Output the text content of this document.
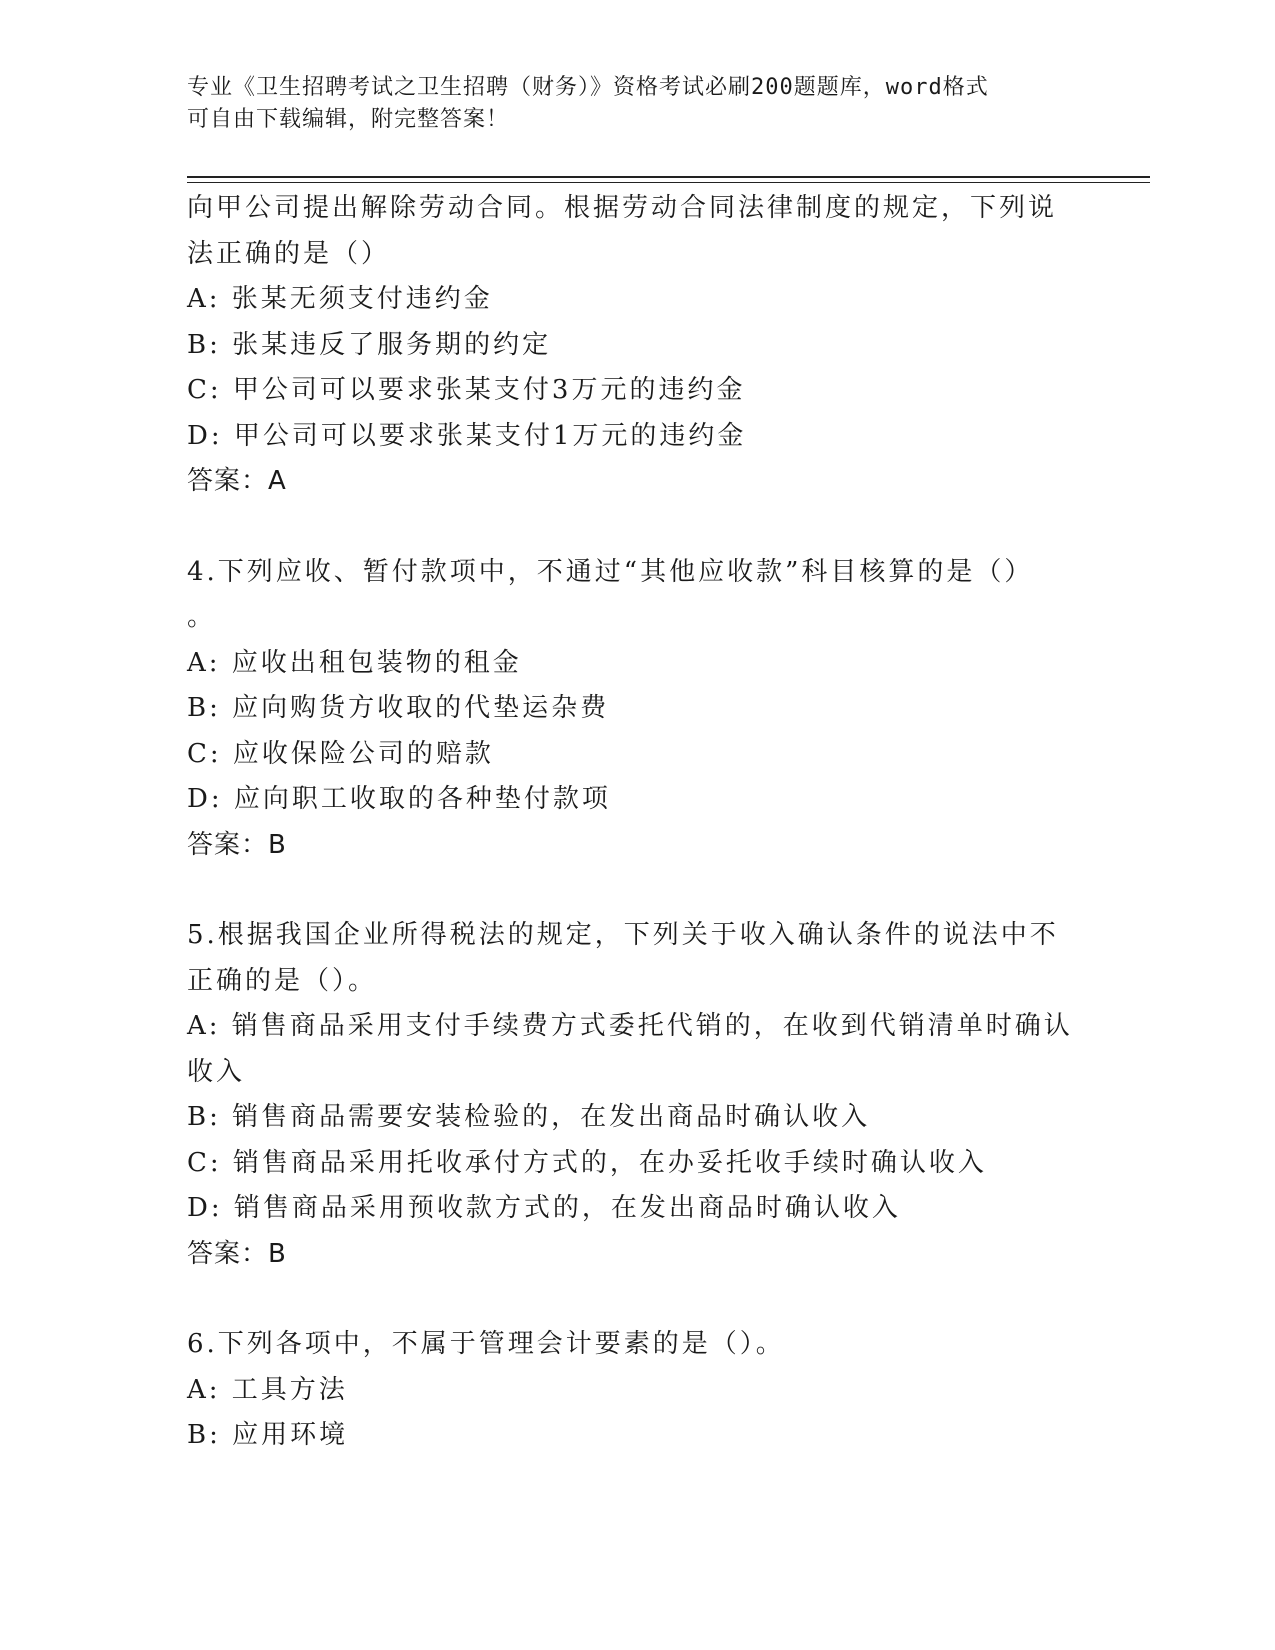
专业《卫生招聘考试之卫生招聘（财务）》资格考试必刷200题题库，word格式
可自由下载编辑，附完整答案！
向甲公司提出解除劳动合同。根据劳动合同法律制度的规定，下列说
法正确的是（）
A: 张某无须支付违约金
B: 张某违反了服务期的约定
C: 甲公司可以要求张某支付3万元的违约金
D: 甲公司可以要求张某支付1万元的违约金
答案：A
4.下列应收、暂付款项中，不通过“其他应收款”科目核算的是（）
。
A: 应收出租包装物的租金
B: 应向购货方收取的代垫运杂费
C: 应收保险公司的赔款
D: 应向职工收取的各种垫付款项
答案：B
5.根据我国企业所得税法的规定，下列关于收入确认条件的说法中不
正确的是（）。
A: 销售商品采用支付手续费方式委托代销的，在收到代销清单时确认
收入
B: 销售商品需要安装检验的，在发出商品时确认收入
C: 销售商品采用托收承付方式的，在办妥托收手续时确认收入
D: 销售商品采用预收款方式的，在发出商品时确认收入
答案：B
6.下列各项中，不属于管理会计要素的是（）。
A: 工具方法
B: 应用环境
